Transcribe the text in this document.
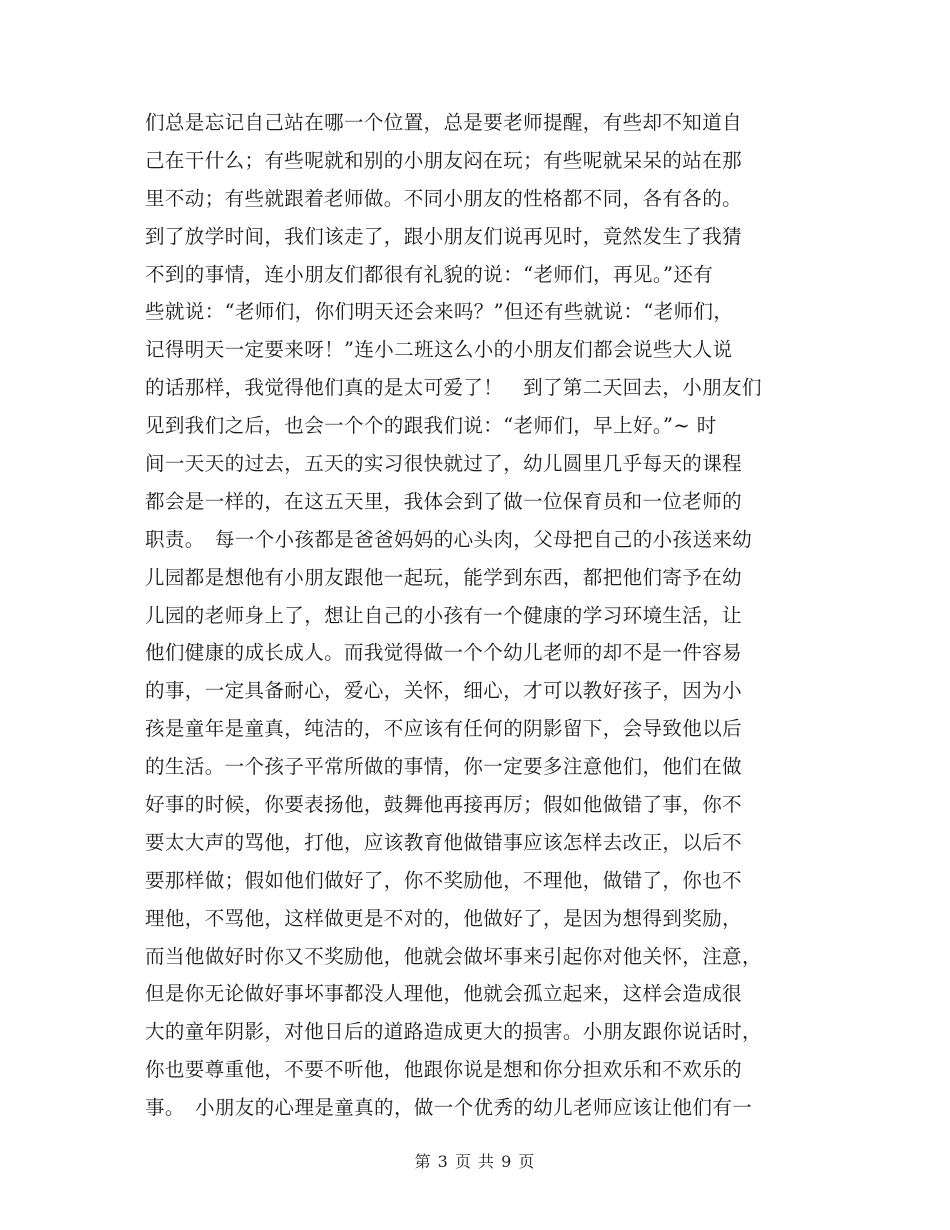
们总是忘记自己站在哪一个位置，总是要老师提醒，有些却不知道自
己在干什么；有些呢就和别的小朋友闷在玩；有些呢就呆呆的站在那
里不动；有些就跟着老师做。不同小朋友的性格都不同，各有各的。
到了放学时间，我们该走了，跟小朋友们说再见时，竟然发生了我猜
不到的事情，连小朋友们都很有礼貌的说：“老师们，再见。”还有
些就说：“老师们，你们明天还会来吗？”但还有些就说：“老师们，
记得明天一定要来呀！”连小二班这么小的小朋友们都会说些大人说
的话那样，我觉得他们真的是太可爱了！　到了第二天回去，小朋友们
见到我们之后，也会一个个的跟我们说：“老师们，早上好。”~ 时
间一天天的过去，五天的实习很快就过了，幼儿圆里几乎每天的课程
都会是一样的，在这五天里，我体会到了做一位保育员和一位老师的
职责。　每一个小孩都是爸爸妈妈的心头肉，父母把自己的小孩送来幼
儿园都是想他有小朋友跟他一起玩，能学到东西，都把他们寄予在幼
儿园的老师身上了，想让自己的小孩有一个健康的学习环境生活，让
他们健康的成长成人。而我觉得做一个个幼儿老师的却不是一件容易
的事，一定具备耐心，爱心，关怀，细心，才可以教好孩子，因为小
孩是童年是童真，纯洁的，不应该有任何的阴影留下，会导致他以后
的生活。一个孩子平常所做的事情，你一定要多注意他们，他们在做
好事的时候，你要表扬他，鼓舞他再接再厉；假如他做错了事，你不
要太大声的骂他，打他，应该教育他做错事应该怎样去改正，以后不
要那样做；假如他们做好了，你不奖励他，不理他，做错了，你也不
理他，不骂他，这样做更是不对的，他做好了，是因为想得到奖励，
而当他做好时你又不奖励他，他就会做坏事来引起你对他关怀，注意，
但是你无论做好事坏事都没人理他，他就会孤立起来，这样会造成很
大的童年阴影，对他日后的道路造成更大的损害。小朋友跟你说话时，
你也要尊重他，不要不听他，他跟你说是想和你分担欢乐和不欢乐的
事。　小朋友的心理是童真的，做一个优秀的幼儿老师应该让他们有一
第 3 页 共 9 页
